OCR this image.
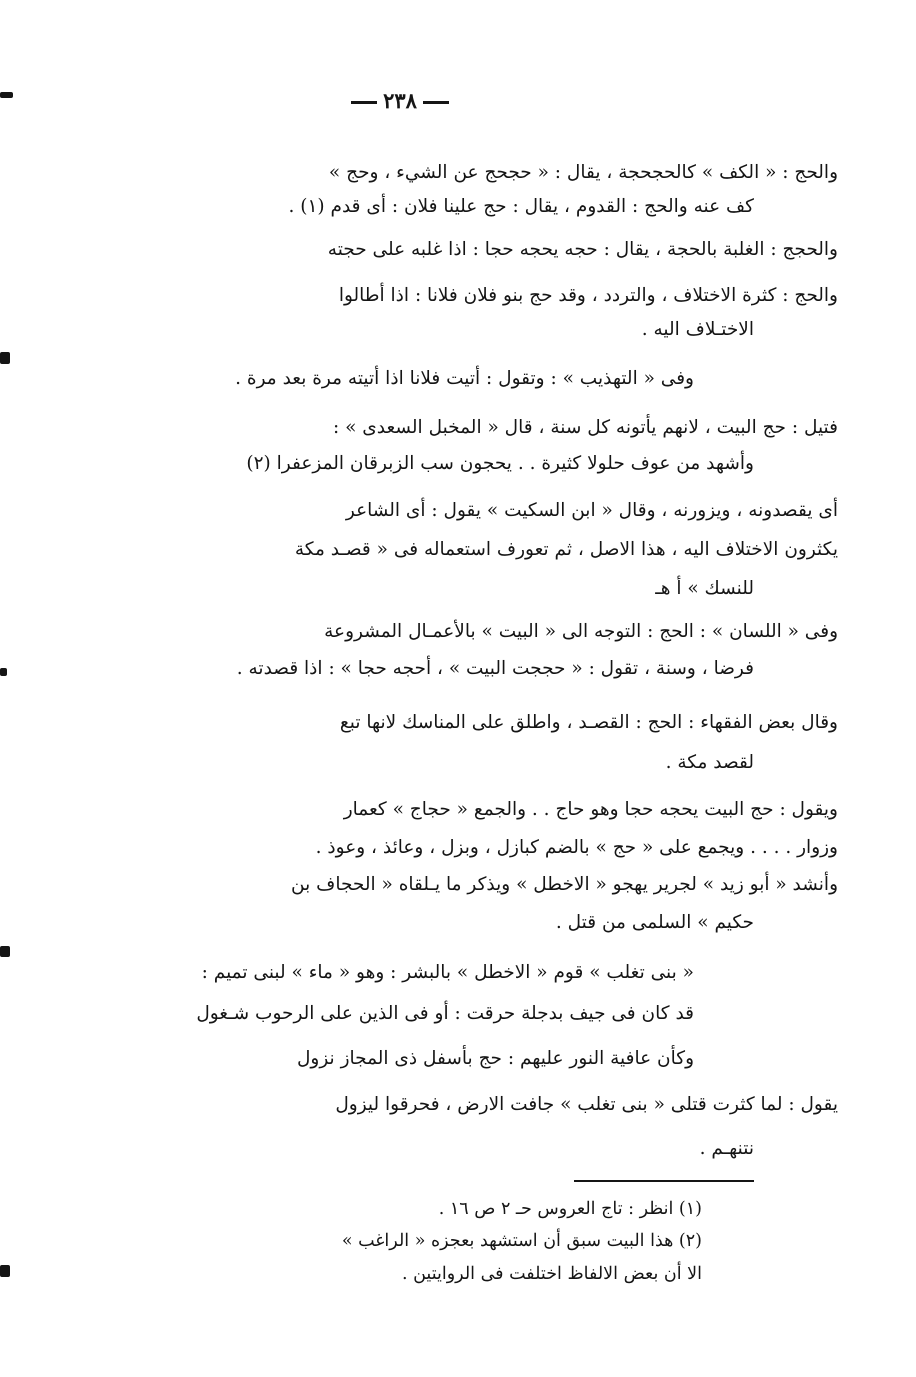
٢٣٨
والحج : « الكف » كالحجحجة ، يقال : « حجحج عن الشيء ، وحج »
كف عنه والحج : القدوم ، يقال : حج علينا فلان : أى قدم (١) .
والحجج : الغلبة بالحجة ، يقال : حجه يحجه حجا : اذا غلبه على حجته
والحج : كثرة الاختلاف ، والتردد ، وقد حج بنو فلان فلانا : اذا أطالوا
الاختـلاف اليه .
وفى « التهذيب » : وتقول : أتيت فلانا اذا أتيته مرة بعد مرة .
فتيل : حج البيت ، لانهم يأتونه كل سنة ، قال « المخبل السعدى » :
وأشهد من عوف حلولا كثيرة . . يحجون سب الزبرقان المزعفرا (٢)
أى يقصدونه ، ويزورنه ، وقال « ابن السكيت » يقول : أى الشاعر
يكثرون الاختلاف اليه ، هذا الاصل ، ثم تعورف استعماله فى « قصـد مكة
للنسك » أ هـ
وفى « اللسان » : الحج : التوجه الى « البيت » بالأعمـال المشروعة
فرضا ، وسنة ، تقول : « حججت البيت » ، أحجه حجا » : اذا قصدته .
وقال بعض الفقهاء : الحج : القصـد ، واطلق على المناسك لانها تبع
لقصد مكة .
ويقول : حج البيت يحجه حجا وهو حاج . . والجمع « حجاج » كعمار
وزوار . . . . ويجمع على « حج » بالضم كبازل ، وبزل ، وعائذ ، وعوذ .
وأنشد « أبو زيد » لجرير يهجو « الاخطل » ويذكر ما يـلقاه « الحجاف بن
حكيم » السلمى من قتل .
« بنى تغلب » قوم « الاخطل » بالبشر : وهو « ماء » لبنى تميم :
قد كان فى جيف بدجلة حرقت : أو فى الذين على الرحوب شـغول
وكأن عافية النور عليهم : حج بأسفل ذى المجاز نزول
يقول : لما كثرت قتلى « بنى تغلب » جافت الارض ، فحرقوا ليزول
نتنهـم .
(١) انظر : تاج العروس حـ ٢ ص ١٦ .
(٢) هذا البيت سبق أن استشهد بعجزه « الراغب »
الا أن بعض الالفاظ اختلفت فى الروايتين .
